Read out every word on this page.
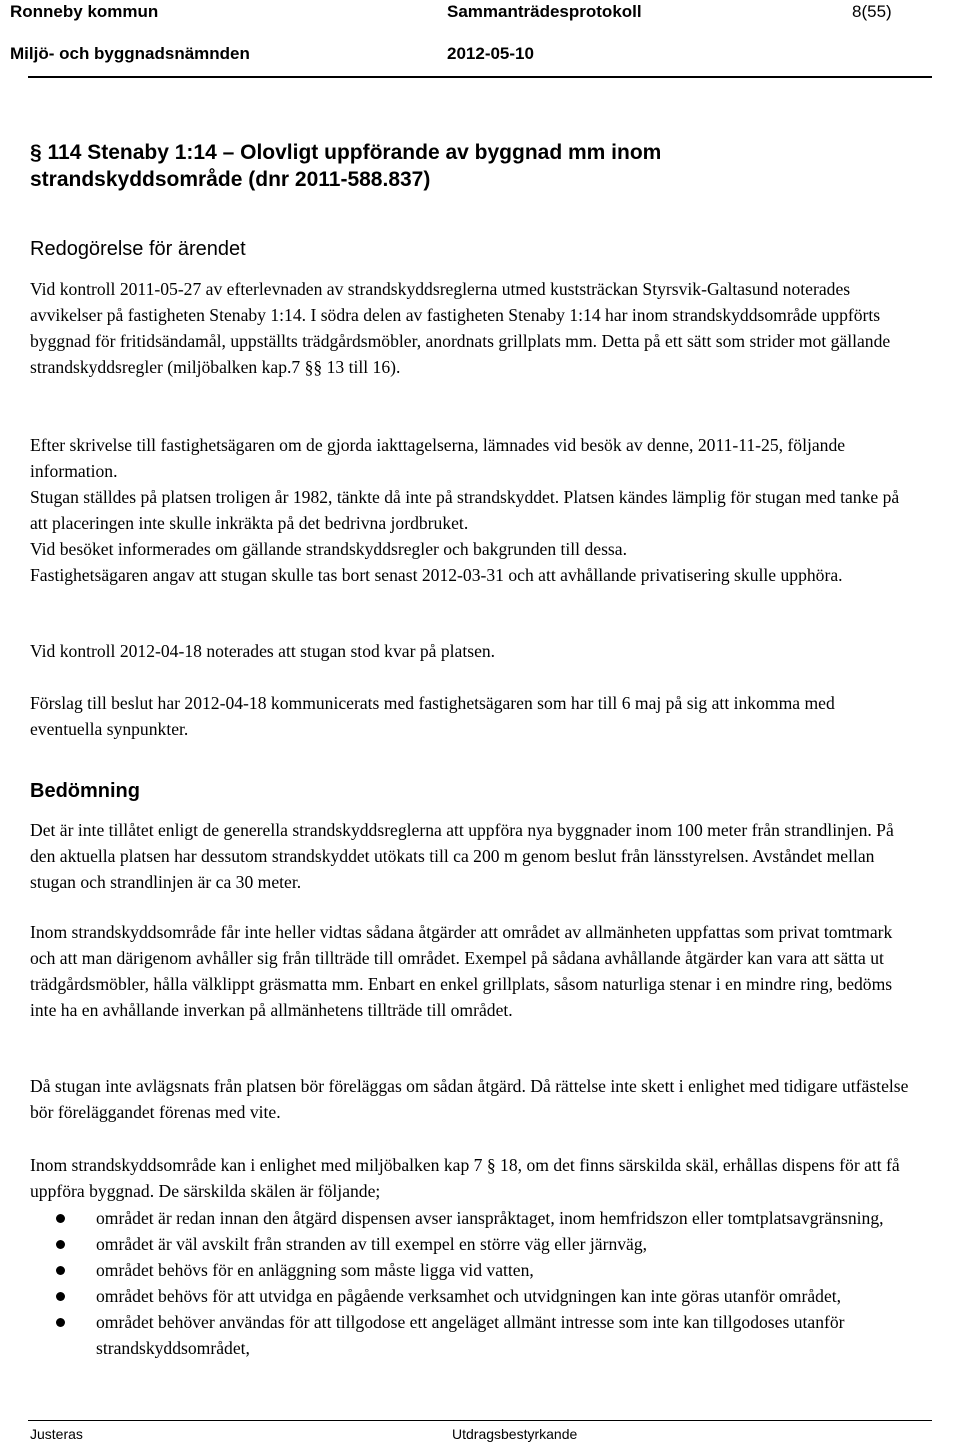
Ronneby kommun	Sammanträdesprotokoll	8(55)
Miljö- och byggnadsnämnden	2012-05-10
§ 114 Stenaby 1:14 – Olovligt uppförande av byggnad mm inom
strandskyddsområde (dnr 2011-588.837)
Redogörelse för ärendet

Vid kontroll 2011-05-27 av efterlevnaden av strandskyddsreglerna utmed kuststräckan Styrsvik-Galtasund noterades avvikelser på fastigheten Stenaby 1:14. I södra delen av fastigheten Stenaby 1:14 har inom strandskyddsområde uppförts byggnad för fritidsändamål, uppställts trädgårdsmöbler, anordnats grillplats mm. Detta på ett sätt som strider mot gällande strandskyddsregler (miljöbalken kap.7 §§ 13 till 16).

Efter skrivelse till fastighetsägaren om de gjorda iakttagelserna, lämnades vid besök av denne, 2011-11-25, följande information.

Stugan ställdes på platsen troligen år 1982, tänkte då inte på strandskyddet. Platsen kändes lämplig för stugan med tanke på att placeringen inte skulle inkräkta på det bedrivna jordbruket.

Vid besöket informerades om gällande strandskyddsregler och bakgrunden till dessa.

Fastighetsägaren angav att stugan skulle tas bort senast 2012-03-31 och att avhållande privatisering skulle upphöra.

Vid kontroll 2012-04-18 noterades att stugan stod kvar på platsen.

Förslag till beslut har 2012-04-18 kommunicerats med fastighetsägaren som har till 6 maj på sig att inkomma med eventuella synpunkter.

Bedömning

Det är inte tillåtet enligt de generella strandskyddsreglerna att uppföra nya byggnader inom 100 meter från strandlinjen. På den aktuella platsen har dessutom strandskyddet utökats till ca 200 m genom beslut från länsstyrelsen. Avståndet mellan stugan och strandlinjen är ca 30 meter.

Inom strandskyddsområde får inte heller vidtas sådana åtgärder att området av allmänheten uppfattas som privat tomtmark och att man därigenom avhåller sig från tillträde till området. Exempel på sådana avhållande åtgärder kan vara att sätta ut trädgårdsmöbler, hålla välklippt gräsmatta mm. Enbart en enkel grillplats, såsom naturliga stenar i en mindre ring, bedöms inte ha en avhållande inverkan på allmänhetens tillträde till området.

Då stugan inte avlägsnats från platsen bör föreläggas om sådan åtgärd. Då rättelse inte skett i enlighet med tidigare utfästelse bör föreläggandet förenas med vite.

Inom strandskyddsområde kan i enlighet med miljöbalken kap 7 § 18, om det finns särskilda skäl, erhållas dispens för att få uppföra byggnad. De särskilda skälen är följande;

området är redan innan den åtgärd dispensen avser ianspråktaget, inom hemfridszon eller tomtplatsavgränsning,
området är väl avskilt från stranden av till exempel en större väg eller järnväg,
området behövs för en anläggning som måste ligga vid vatten,
området behövs för att utvidga en pågående verksamhet och utvidgningen kan inte göras utanför området,
området behöver användas för att tillgodose ett angeläget allmänt intresse som inte kan tillgodoses utanför strandskyddsområdet,
Justeras	Utdragsbestyrkande
